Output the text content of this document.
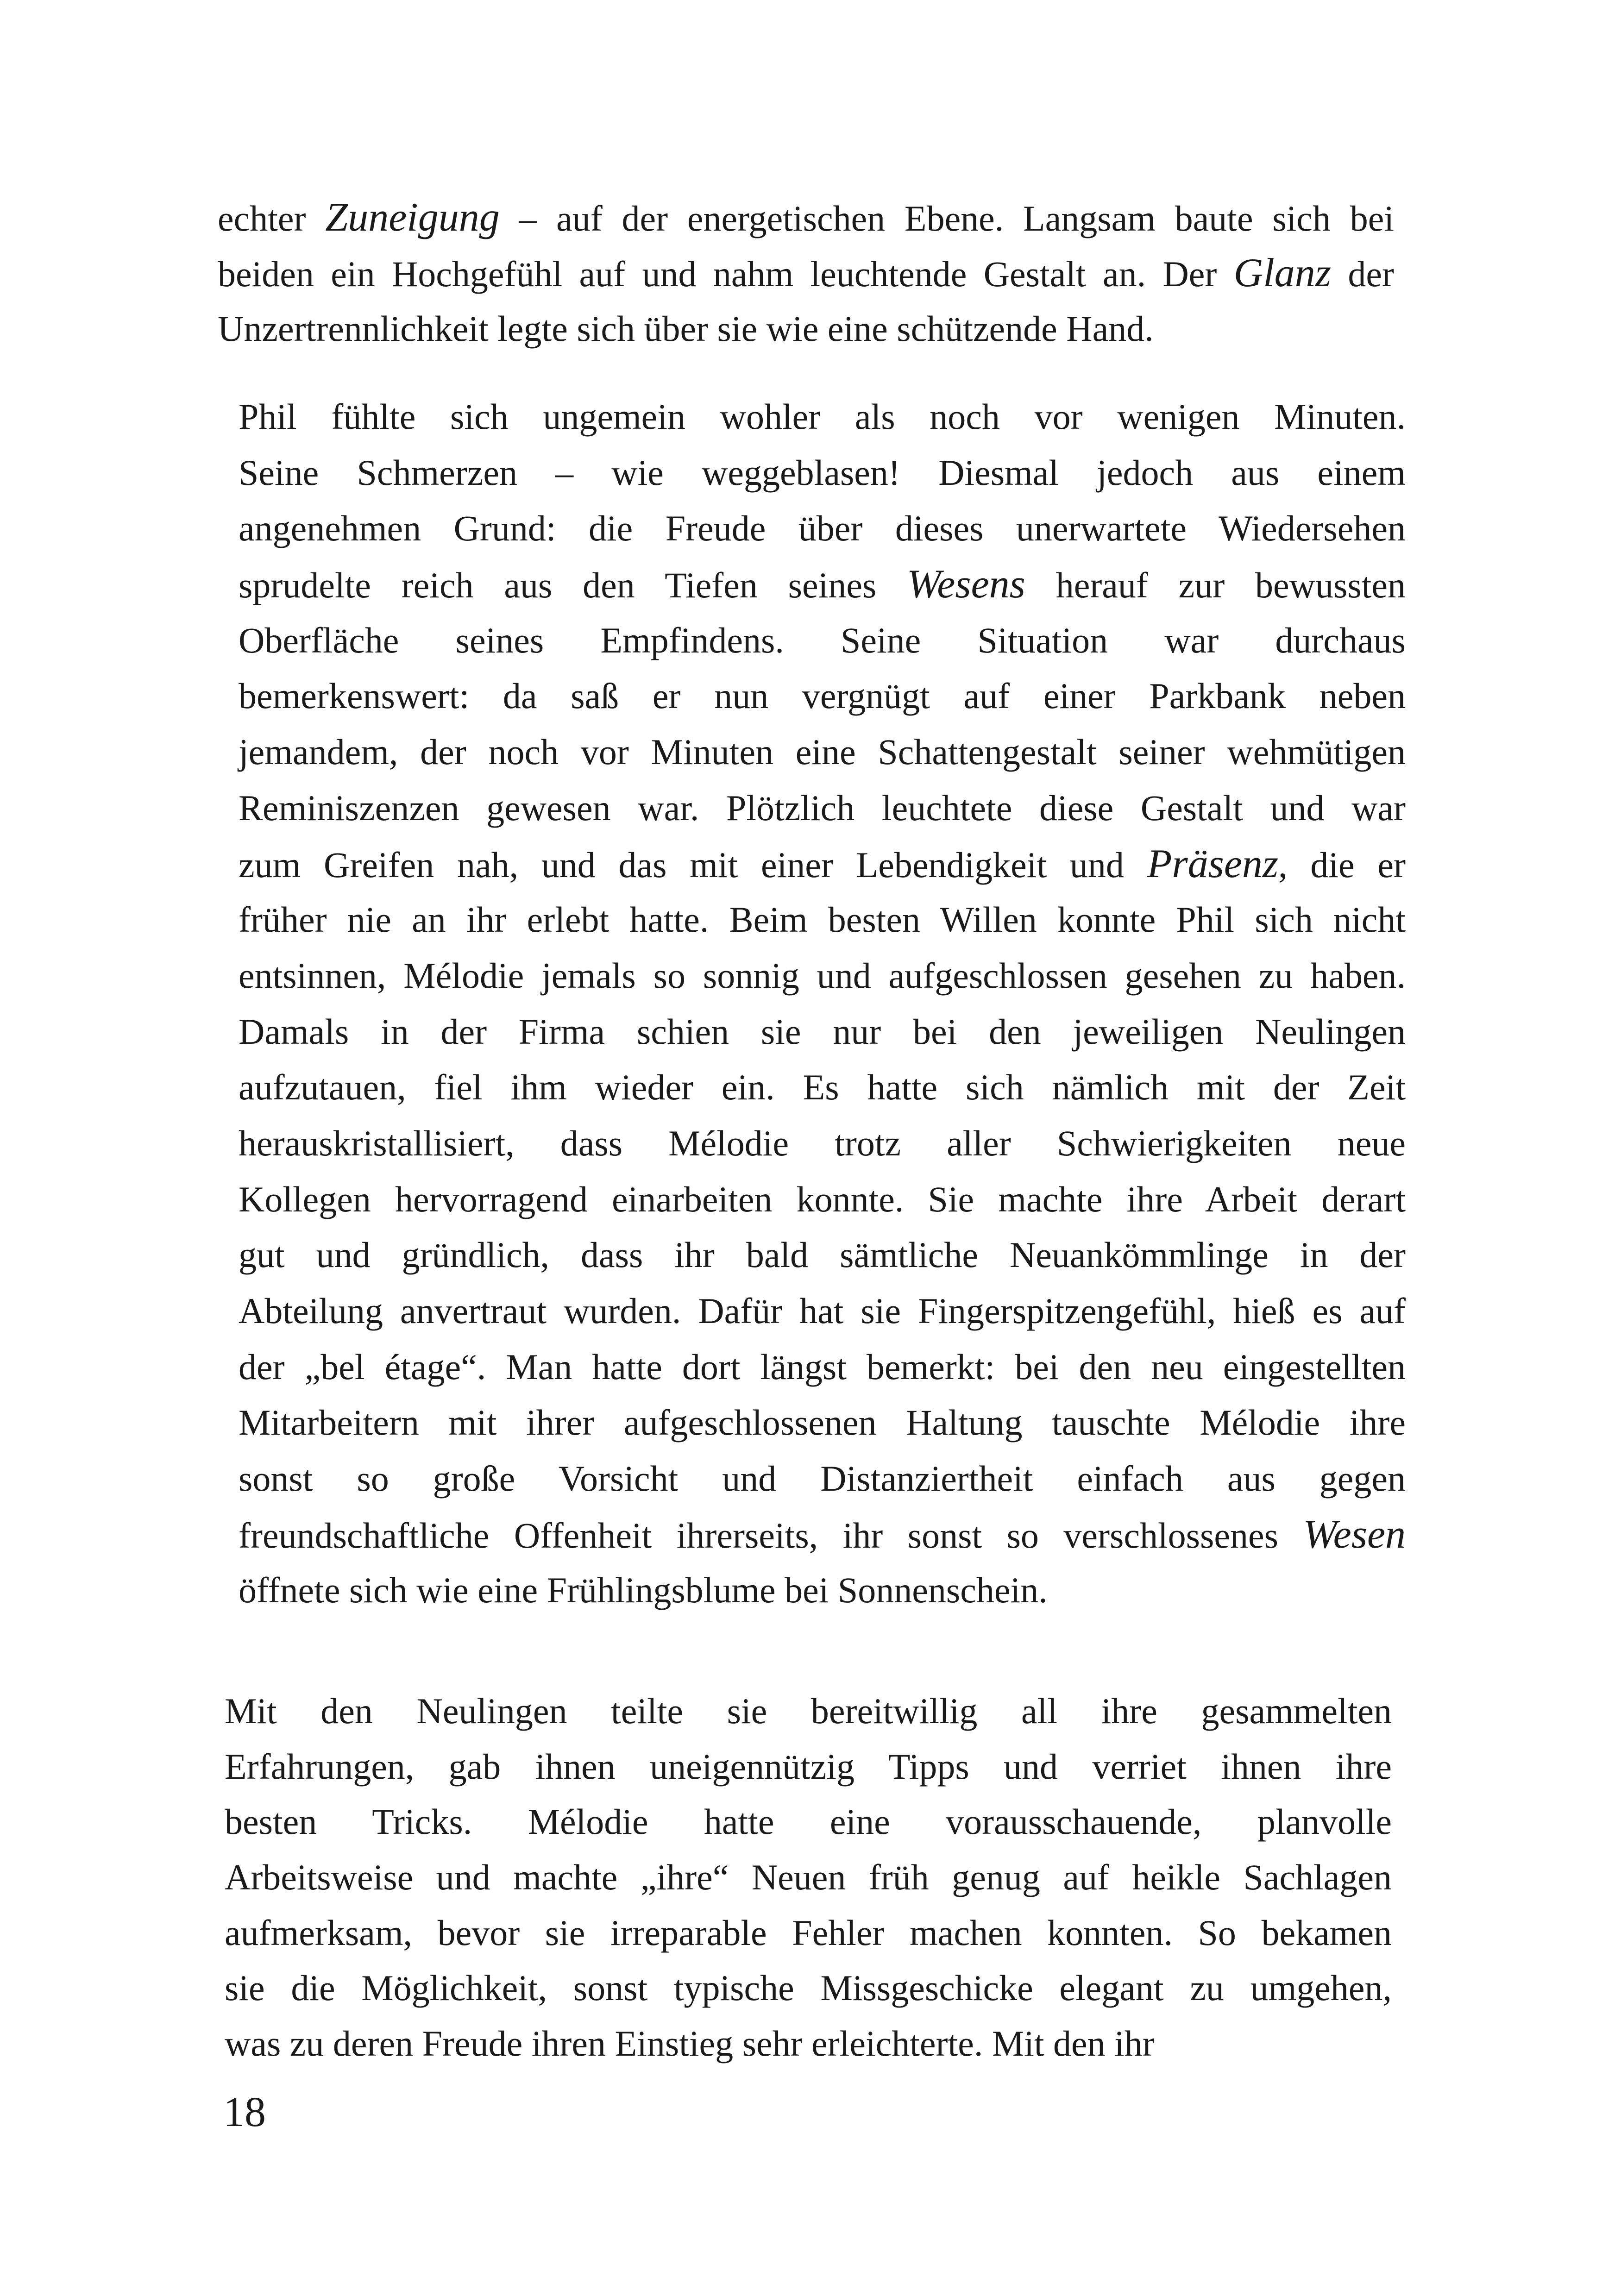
echter Zuneigung – auf der energetischen Ebene. Langsam baute sich bei
beiden ein Hochgefühl auf und nahm leuchtende Gestalt an. Der Glanz der
Unzertrennlichkeit legte sich über sie wie eine schützende Hand.
Phil fühlte sich ungemein wohler als noch vor wenigen Minuten.
Seine Schmerzen – wie weggeblasen! Diesmal jedoch aus einem
angenehmen Grund: die Freude über dieses unerwartete Wiedersehen
sprudelte reich aus den Tiefen seines Wesens herauf zur bewussten
Oberfläche seines Empfindens. Seine Situation war durchaus
bemerkenswert: da saß er nun vergnügt auf einer Parkbank neben
jemandem, der noch vor Minuten eine Schattengestalt seiner wehmütigen
Reminiszenzen gewesen war. Plötzlich leuchtete diese Gestalt und war
zum Greifen nah, und das mit einer Lebendigkeit und Präsenz, die er
früher nie an ihr erlebt hatte. Beim besten Willen konnte Phil sich nicht
entsinnen, Mélodie jemals so sonnig und aufgeschlossen gesehen zu haben.
Damals in der Firma schien sie nur bei den jeweiligen Neulingen
aufzutauen, fiel ihm wieder ein. Es hatte sich nämlich mit der Zeit
herauskristallisiert, dass Mélodie trotz aller Schwierigkeiten neue
Kollegen hervorragend einarbeiten konnte. Sie machte ihre Arbeit derart
gut und gründlich, dass ihr bald sämtliche Neuankömmlinge in der
Abteilung anvertraut wurden. Dafür hat sie Fingerspitzengefühl, hieß es auf
der „bel étage“. Man hatte dort längst bemerkt: bei den neu eingestellten
Mitarbeitern mit ihrer aufgeschlossenen Haltung tauschte Mélodie ihre
sonst so große Vorsicht und Distanziertheit einfach aus gegen
freundschaftliche Offenheit ihrerseits, ihr sonst so verschlossenes Wesen
öffnete sich wie eine Frühlingsblume bei Sonnenschein.
Mit den Neulingen teilte sie bereitwillig all ihre gesammelten
Erfahrungen, gab ihnen uneigennützig Tipps und verriet ihnen ihre
besten Tricks. Mélodie hatte eine vorausschauende, planvolle
Arbeitsweise und machte „ihre“ Neuen früh genug auf heikle Sachlagen
aufmerksam, bevor sie irreparable Fehler machen konnten. So bekamen
sie die Möglichkeit, sonst typische Missgeschicke elegant zu umgehen,
was zu deren Freude ihren Einstieg sehr erleichterte. Mit den ihr
18
